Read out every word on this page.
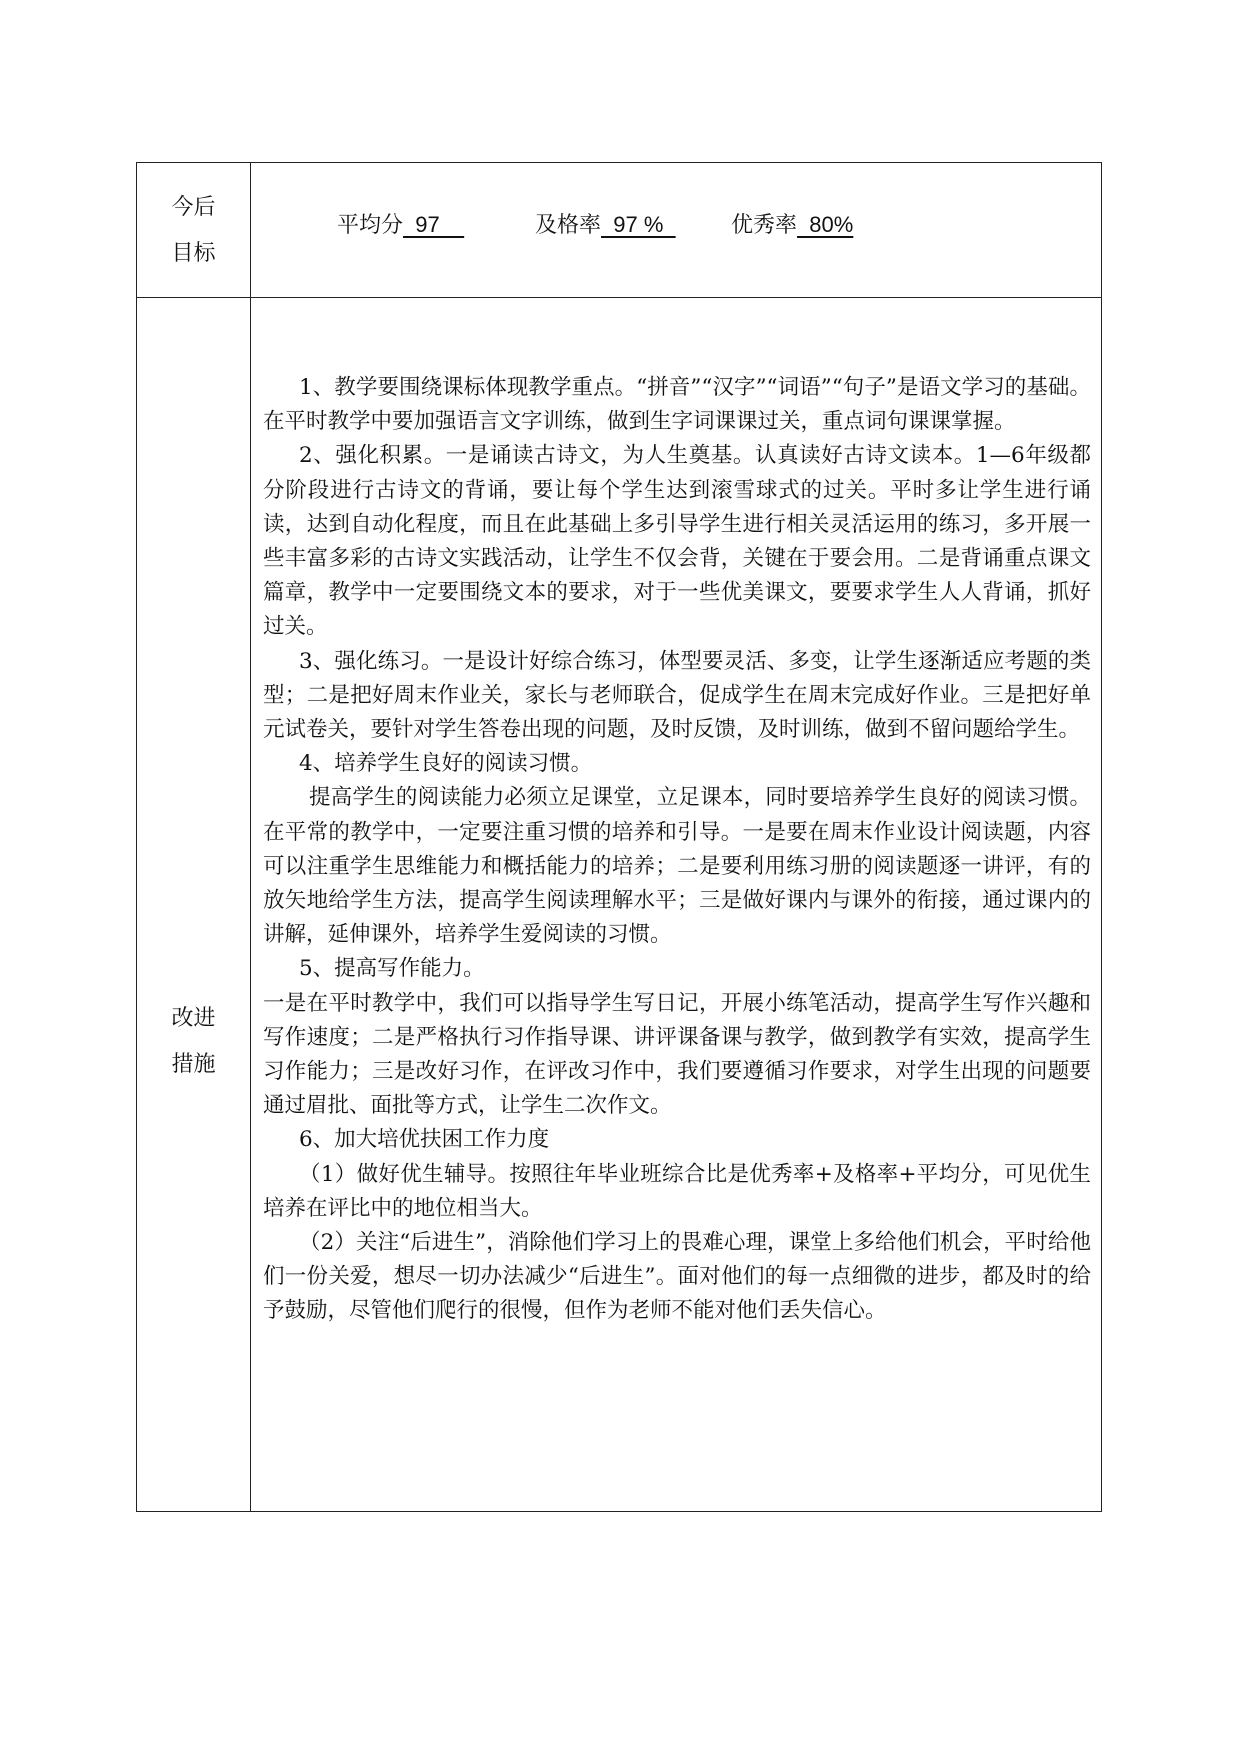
今后
目标
平均分  97	及格率  97 %	优秀率  80%
改进
措施

1、教学要围绕课标体现教学重点。“拼音”“汉字”“词语”“句子”是语文学习的基础。在平时教学中要加强语言文字训练，做到生字词课课过关，重点词句课课掌握。

2、强化积累。一是诵读古诗文，为人生奠基。认真读好古诗文读本。1—6年级都分阶段进行古诗文的背诵，要让每个学生达到滚雪球式的过关。平时多让学生进行诵读，达到自动化程度，而且在此基础上多引导学生进行相关灵活运用的练习，多开展一些丰富多彩的古诗文实践活动，让学生不仅会背，关键在于要会用。二是背诵重点课文篇章，教学中一定要围绕文本的要求，对于一些优美课文，要要求学生人人背诵，抓好过关。

3、强化练习。一是设计好综合练习，体型要灵活、多变，让学生逐渐适应考题的类型；二是把好周末作业关，家长与老师联合，促成学生在周末完成好作业。三是把好单元试卷关，要针对学生答卷出现的问题，及时反馈，及时训练，做到不留问题给学生。

4、培养学生良好的阅读习惯。

提高学生的阅读能力必须立足课堂，立足课本，同时要培养学生良好的阅读习惯。在平常的教学中，一定要注重习惯的培养和引导。一是要在周末作业设计阅读题，内容可以注重学生思维能力和概括能力的培养；二是要利用练习册的阅读题逐一讲评，有的放矢地给学生方法，提高学生阅读理解水平；三是做好课内与课外的衔接，通过课内的讲解，延伸课外，培养学生爱阅读的习惯。

5、提高写作能力。

一是在平时教学中，我们可以指导学生写日记，开展小练笔活动，提高学生写作兴趣和写作速度；二是严格执行习作指导课、讲评课备课与教学，做到教学有实效，提高学生习作能力；三是改好习作，在评改习作中，我们要遵循习作要求，对学生出现的问题要通过眉批、面批等方式，让学生二次作文。

6、加大培优扶困工作力度

（1）做好优生辅导。按照往年毕业班综合比是优秀率+及格率+平均分，可见优生培养在评比中的地位相当大。

（2）关注“后进生”，消除他们学习上的畏难心理，课堂上多给他们机会，平时给他们一份关爱，想尽一切办法减少“后进生”。面对他们的每一点细微的进步，都及时的给予鼓励，尽管他们爬行的很慢，但作为老师不能对他们丢失信心。
